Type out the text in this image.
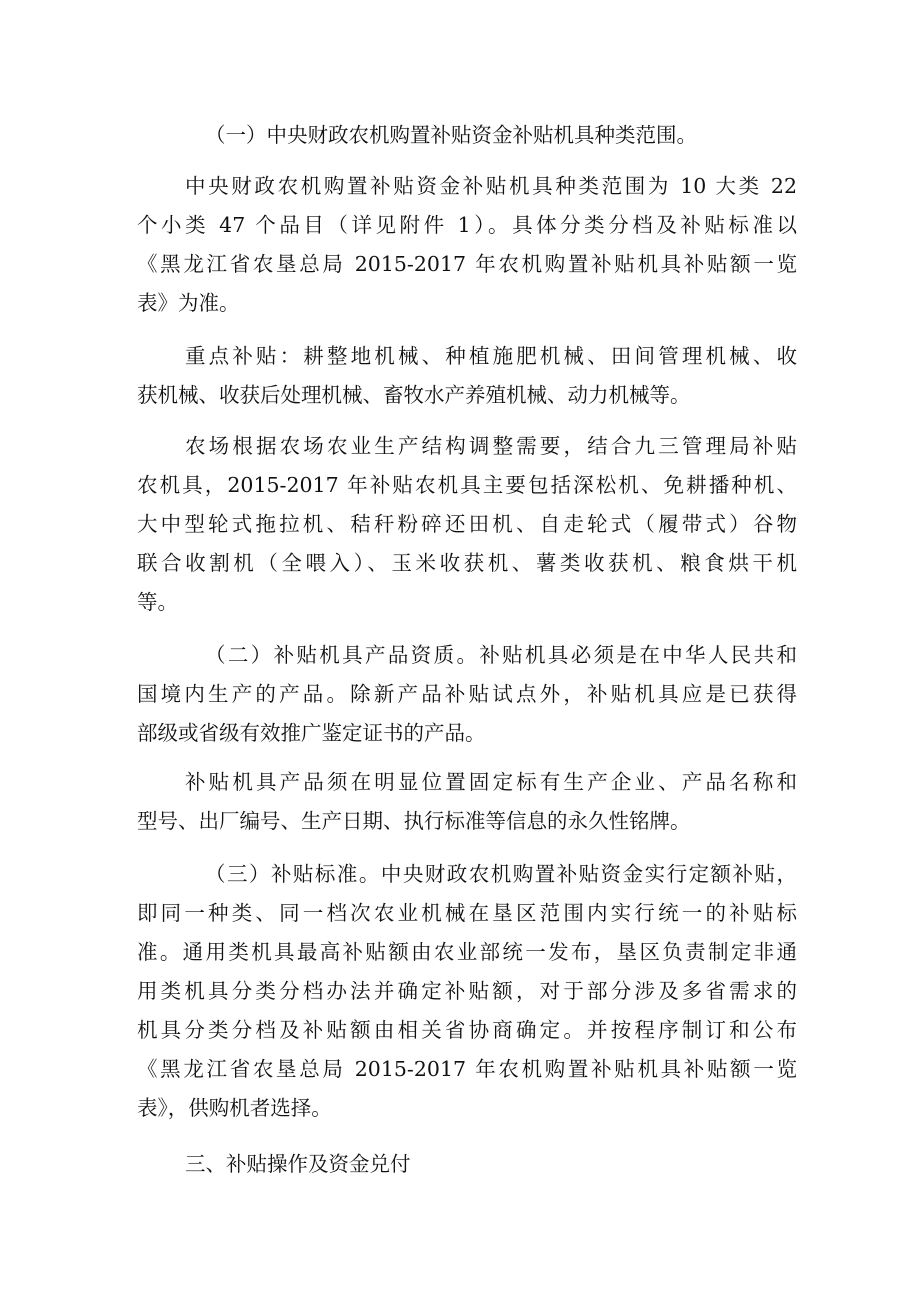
（一）中央财政农机购置补贴资金补贴机具种类范围。
中央财政农机购置补贴资金补贴机具种类范围为 10 大类 22
个小类 47 个品目（详见附件 1）。具体分类分档及补贴标准以
《黑龙江省农垦总局 2015-2017 年农机购置补贴机具补贴额一览
表》为准。
重点补贴：耕整地机械、种植施肥机械、田间管理机械、收
获机械、收获后处理机械、畜牧水产养殖机械、动力机械等。
农场根据农场农业生产结构调整需要，结合九三管理局补贴
农机具，2015-2017 年补贴农机具主要包括深松机、免耕播种机、
大中型轮式拖拉机、秸秆粉碎还田机、自走轮式（履带式）谷物
联合收割机（全喂入）、玉米收获机、薯类收获机、粮食烘干机
等。
（二）补贴机具产品资质。补贴机具必须是在中华人民共和
国境内生产的产品。除新产品补贴试点外，补贴机具应是已获得
部级或省级有效推广鉴定证书的产品。
补贴机具产品须在明显位置固定标有生产企业、产品名称和
型号、出厂编号、生产日期、执行标准等信息的永久性铭牌。
（三）补贴标准。中央财政农机购置补贴资金实行定额补贴，
即同一种类、同一档次农业机械在垦区范围内实行统一的补贴标
准。通用类机具最高补贴额由农业部统一发布，垦区负责制定非通
用类机具分类分档办法并确定补贴额，对于部分涉及多省需求的
机具分类分档及补贴额由相关省协商确定。并按程序制订和公布
《黑龙江省农垦总局 2015-2017 年农机购置补贴机具补贴额一览
表》，供购机者选择。
三、补贴操作及资金兑付
